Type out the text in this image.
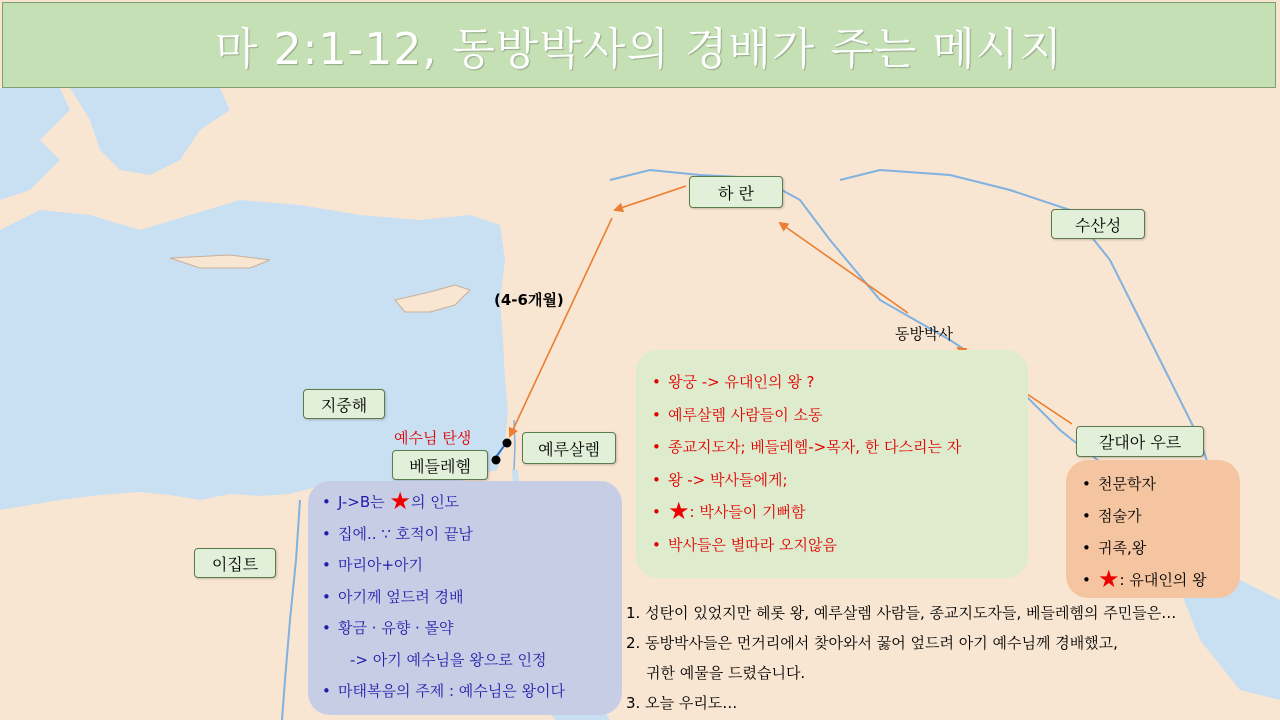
마 2:1-12, 동방박사의 경배가 주는 메시지
하 란
수산성
지중해
예루살렘
베들레헴
갈대아 우르
이집트
(4-6개월)
동방박사
예수님 탄생
• J->B는 ★의 인도
• 집에.. ∵ 호적이 끝남
• 마리아+아기
• 아기께 엎드려 경배
• 황금 · 유향 · 몰약
-> 아기 예수님을 왕으로 인정
• 마태복음의 주제 : 예수님은 왕이다
• 왕궁 -> 유대인의 왕 ?
• 예루살렘 사람들이 소동
• 종교지도자; 베들레헴->목자, 한 다스리는 자
• 왕 -> 박사들에게;
• ★: 박사들이 기뻐함
• 박사들은 별따라 오지않음
• 천문학자
• 점술가
• 귀족,왕
• ★: 유대인의 왕
1. 성탄이 있었지만 헤롯 왕, 예루살렘 사람들, 종교지도자들, 베들레헴의 주민들은…
2. 동방박사들은 먼거리에서 찾아와서 꿇어 엎드려 아기 예수님께 경배했고,
귀한 예물을 드렸습니다.
3. 오늘 우리도…
